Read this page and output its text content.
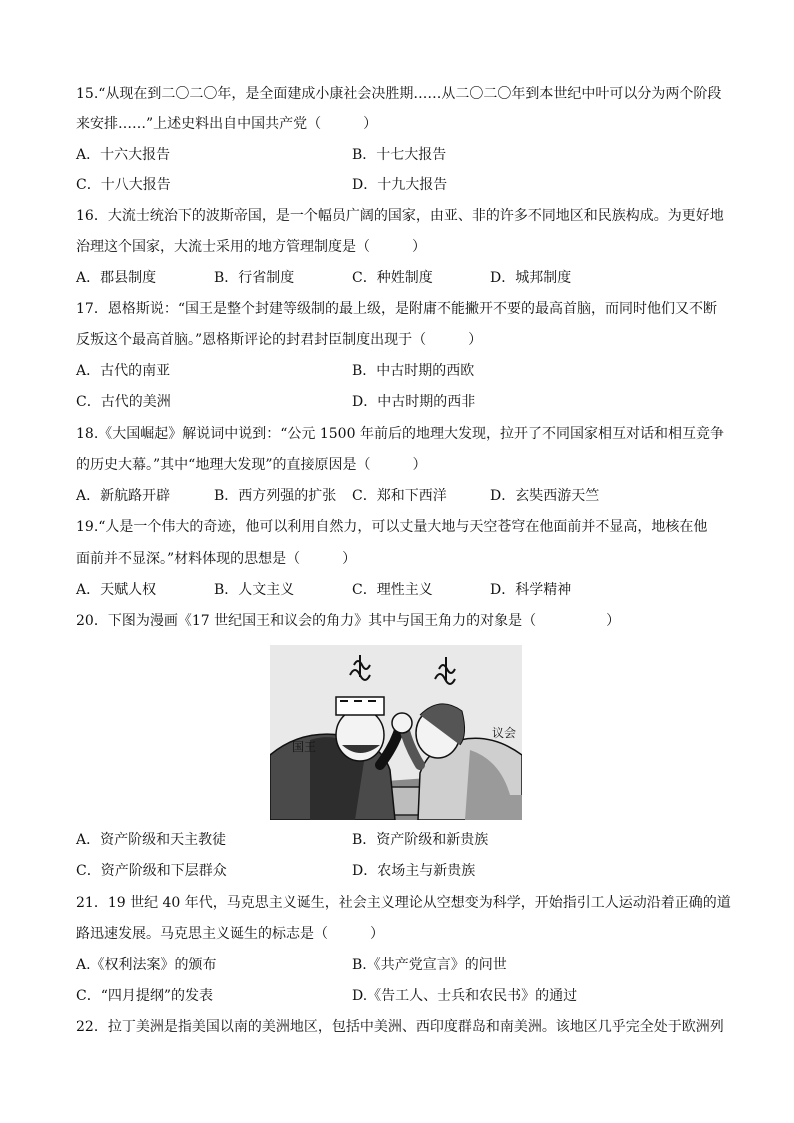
15.“从现在到二〇二〇年，是全面建成小康社会决胜期……从二〇二〇年到本世纪中叶可以分为两个阶段
来安排……”上述史料出自中国共产党（　　　）
A．十六大报告	B．十七大报告
C．十八大报告	D．十九大报告
16．大流士统治下的波斯帝国，是一个幅员广阔的国家，由亚、非的许多不同地区和民族构成。为更好地
治理这个国家，大流士采用的地方管理制度是（　　　）
A．郡县制度	B．行省制度	C．种姓制度	D．城邦制度
17．恩格斯说：“国王是整个封建等级制的最上级，是附庸不能撇开不要的最高首脑，而同时他们又不断
反叛这个最高首脑。”恩格斯评论的封君封臣制度出现于（　　　）
A．古代的南亚	B．中古时期的西欧
C．古代的美洲	D．中古时期的西非
18.《大国崛起》解说词中说到：“公元 1500 年前后的地理大发现，拉开了不同国家相互对话和相互竞争
的历史大幕。”其中“地理大发现”的直接原因是（　　　）
A．新航路开辟	B．西方列强的扩张 C．郑和下西洋	D．玄奘西游天竺
19.“人是一个伟大的奇迹，他可以利用自然力，可以丈量大地与天空苍穹在他面前并不显高，地核在他
面前并不显深。”材料体现的思想是（　　　）
A．天赋人权	B．人文主义	C．理性主义	D．科学精神
20．下图为漫画《17 世纪国王和议会的角力》其中与国王角力的对象是（　　　　　）
国王
议会
A．资产阶级和天主教徒	B．资产阶级和新贵族
C．资产阶级和下层群众	D．农场主与新贵族
21．19 世纪 40 年代，马克思主义诞生，社会主义理论从空想变为科学，开始指引工人运动沿着正确的道
路迅速发展。马克思主义诞生的标志是（　　　）
A.《权利法案》的颁布	B.《共产党宣言》的问世
C．“四月提纲”的发表	D.《告工人、士兵和农民书》的通过
22．拉丁美洲是指美国以南的美洲地区，包括中美洲、西印度群岛和南美洲。该地区几乎完全处于欧洲列
